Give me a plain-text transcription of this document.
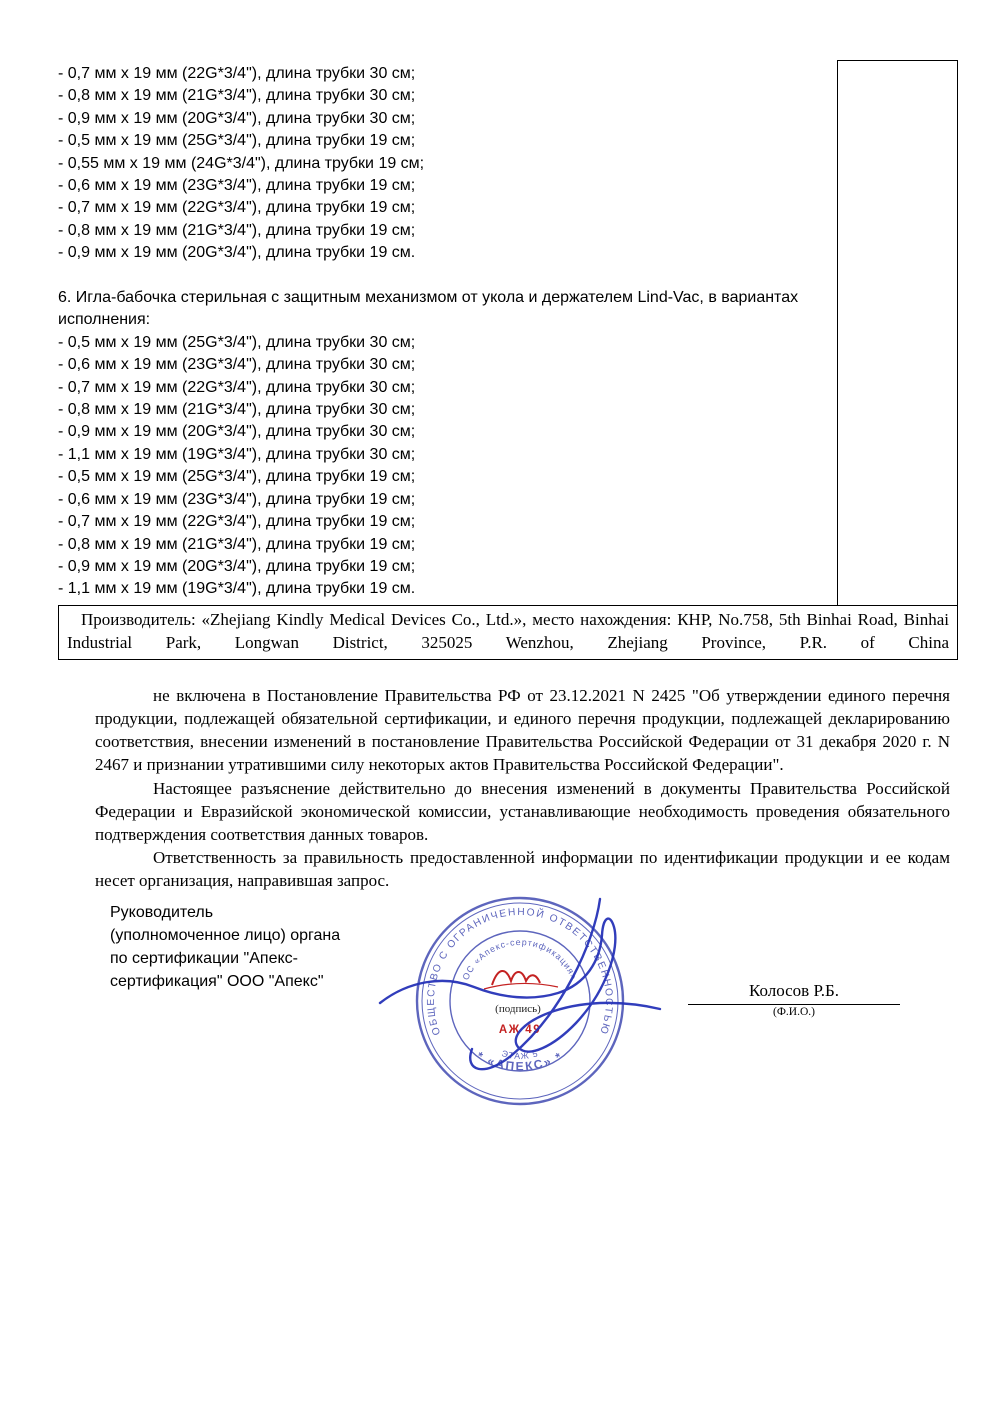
- 0,7 мм х 19 мм (22G*3/4"), длина трубки 30 см;
- 0,8 мм х 19 мм (21G*3/4"), длина трубки 30 см;
- 0,9 мм х 19 мм (20G*3/4"), длина трубки 30 см;
- 0,5 мм х 19 мм (25G*3/4"), длина трубки 19 см;
- 0,55 мм х 19 мм (24G*3/4"), длина трубки 19 см;
- 0,6 мм х 19 мм (23G*3/4"), длина трубки 19 см;
- 0,7 мм х 19 мм (22G*3/4"), длина трубки 19 см;
- 0,8 мм х 19 мм (21G*3/4"), длина трубки 19 см;
- 0,9 мм х 19 мм (20G*3/4"), длина трубки 19 см.
6. Игла-бабочка стерильная с защитным механизмом от укола и держателем Lind-Vac, в вариантах исполнения:
- 0,5 мм х 19 мм (25G*3/4"), длина трубки 30 см;
- 0,6 мм х 19 мм (23G*3/4"), длина трубки 30 см;
- 0,7 мм х 19 мм (22G*3/4"), длина трубки 30 см;
- 0,8 мм х 19 мм (21G*3/4"), длина трубки 30 см;
- 0,9 мм х 19 мм (20G*3/4"), длина трубки 30 см;
- 1,1 мм х 19 мм (19G*3/4"), длина трубки 30 см;
- 0,5 мм х 19 мм (25G*3/4"), длина трубки 19 см;
- 0,6 мм х 19 мм (23G*3/4"), длина трубки 19 см;
- 0,7 мм х 19 мм (22G*3/4"), длина трубки 19 см;
- 0,8 мм х 19 мм (21G*3/4"), длина трубки 19 см;
- 0,9 мм х 19 мм (20G*3/4"), длина трубки 19 см;
- 1,1 мм х 19 мм (19G*3/4"), длина трубки 19 см.
Производитель: «Zhejiang Kindly Medical Devices Co., Ltd.», место нахождения: КНР, No.758, 5th Binhai Road, Binhai Industrial Park, Longwan District, 325025 Wenzhou, Zhejiang Province, P.R. of China

не включена в Постановление Правительства РФ от 23.12.2021 N 2425 "Об утверждении единого перечня продукции, подлежащей обязательной сертификации, и единого перечня продукции, подлежащей декларированию соответствия, внесении изменений в постановление Правительства Российской Федерации от 31 декабря 2020 г. N 2467 и признании утратившими силу некоторых актов Правительства Российской Федерации".

Настоящее разъяснение действительно до внесения изменений в документы Правительства Российской Федерации и Евразийской экономической комиссии, устанавливающие необходимость проведения обязательного подтверждения соответствия данных товаров.

Ответственность за правильность предоставленной информации по идентификации продукции и ее кодам несет организация, направившая запрос.

Руководитель
(уполномоченное лицо) органа
по сертификации "Апекс-
сертификация" ООО "Апекс"
ОБЩЕСТВО С ОГРАНИЧЕННОЙ ОТВЕТСТВЕННОСТЬЮ
* «АПЕКС» *
ОС «Апекс-сертификация»
ЭТАЖ 5
(подпись)
АЖ 49
Колосов Р.Б.
(Ф.И.О.)
